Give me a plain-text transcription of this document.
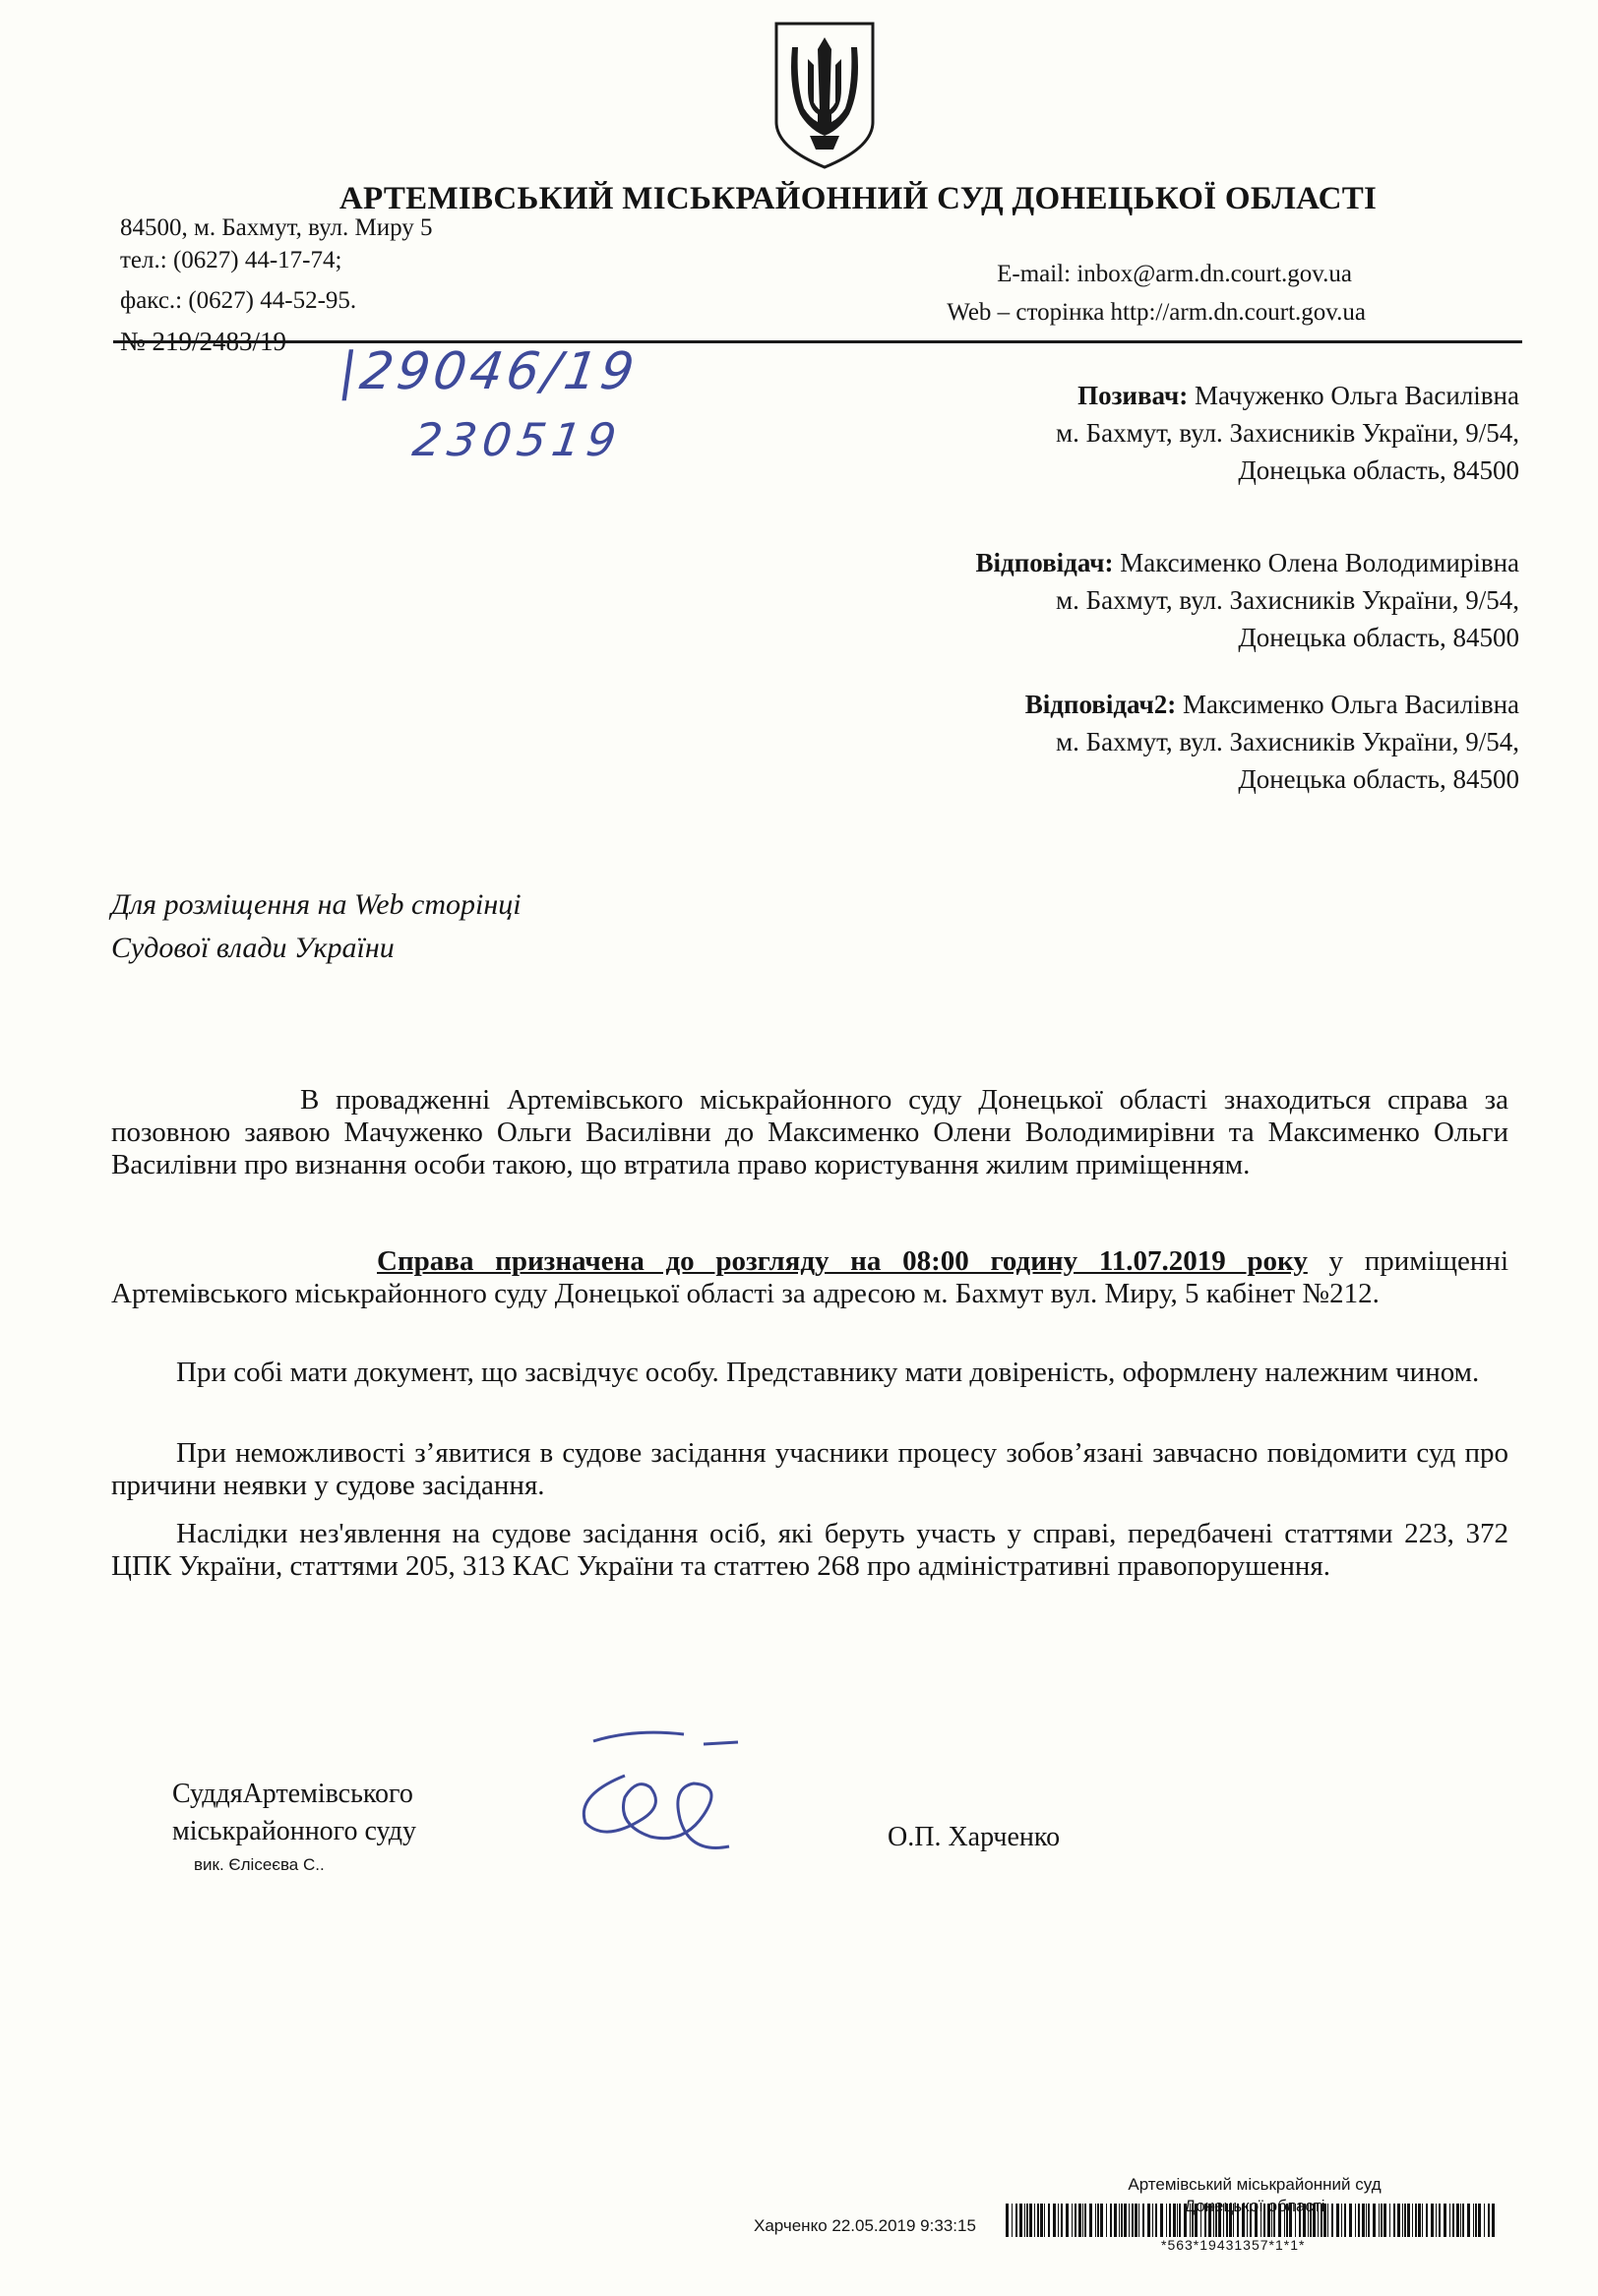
АРТЕМІВСЬКИЙ МІСЬКРАЙОННИЙ СУД ДОНЕЦЬКОЇ ОБЛАСТІ
84500, м. Бахмут, вул. Миру 5
тел.: (0627) 44-17-74;
факс.: (0627) 44-52-95.
E-mail: inbox@arm.dn.court.gov.ua
Web – сторінка http://arm.dn.court.gov.ua
№ 219/2483/19
|29046/19
230519
Позивач: Мачуженко Ольга Василівна
м. Бахмут, вул. Захисників України, 9/54,
Донецька область, 84500
Відповідач: Максименко Олена Володимирівна
м. Бахмут, вул. Захисників України, 9/54,
Донецька область, 84500
Відповідач2: Максименко Ольга Василівна
м. Бахмут, вул. Захисників України, 9/54,
Донецька область, 84500
Для розміщення на Web сторінці
Судової влади України
В провадженні Артемівського міськрайонного суду Донецької області знаходиться справа за позовною заявою Мачуженко Ольги Василівни до Максименко Олени Володимирівни та Максименко Ольги Василівни про визнання особи такою, що втратила право користування жилим приміщенням.
Справа призначена до розгляду на 08:00 годину 11.07.2019 року у приміщенні Артемівського міськрайонного суду Донецької області за адресою м. Бахмут вул. Миру, 5 кабінет №212.
При собі мати документ, що засвідчує особу. Представнику мати довіреність, оформлену належним чином.
При неможливості з’явитися в судове засідання учасники процесу зобов’язані завчасно повідомити суд про причини неявки у судове засідання.
Наслідки нез'явлення на судове засідання осіб, які беруть участь у справі, передбачені статтями 223, 372 ЦПК України, статтями 205, 313 КАС України та статтею 268 про адміністративні правопорушення.
СуддяАртемівського
міськрайонного суду
вик. Єлісеєва С..
О.П. Харченко
Артемівський міськрайонний суд
Донецької області
Харченко 22.05.2019 9:33:15
*563*19431357*1*1*
